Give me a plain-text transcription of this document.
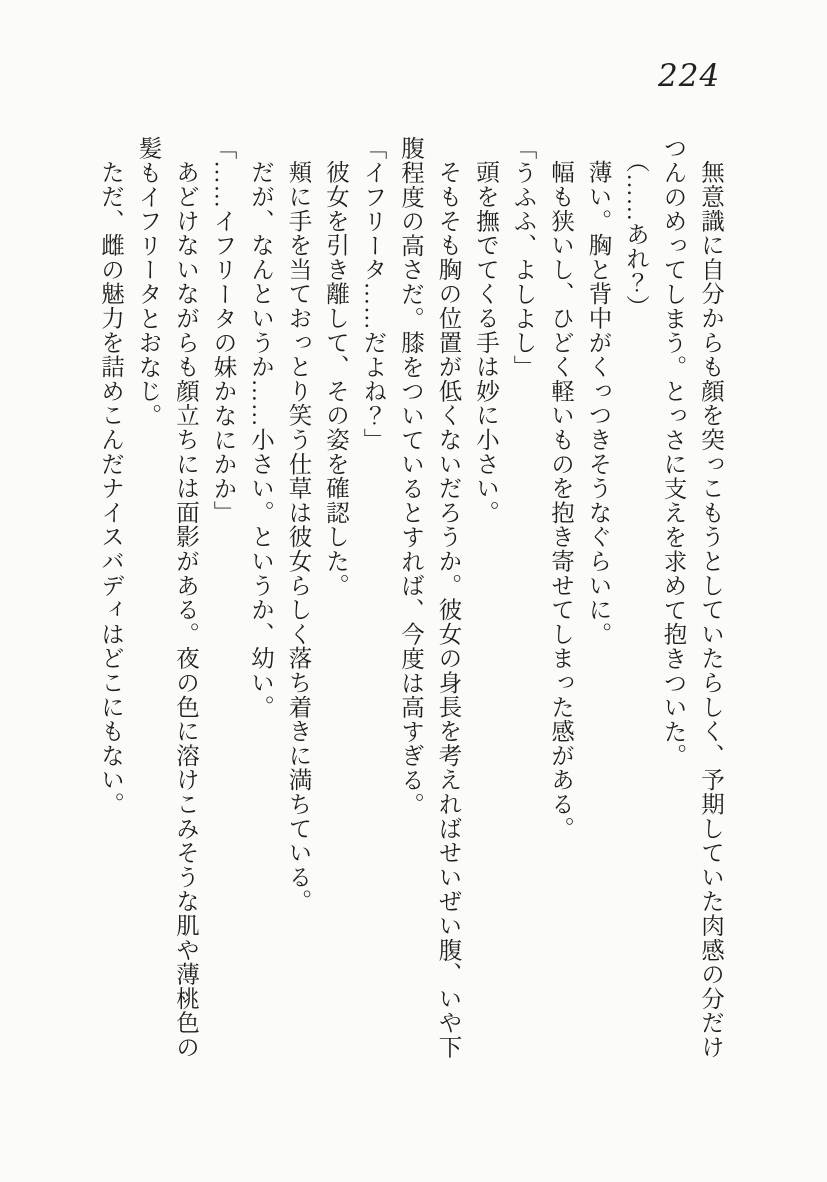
224

無意識に自分からも顔を突っこもうとしていたらしく、予期していた肉感の分だけつんのめってしまう。とっさに支えを求めて抱きついた。

（……あれ？）

薄い。胸と背中がくっつきそうなぐらいに。

幅も狭いし、ひどく軽いものを抱き寄せてしまった感がある。

「うふふ、よしよし」

頭を撫でてくる手は妙に小さい。

そもそも胸の位置が低くないだろうか。彼女の身長を考えればせいぜい腹、いや下腹程度の高さだ。膝をついているとすれば、今度は高すぎる。

「イフリータ……だよね？」

彼女を引き離して、その姿を確認した。

頬に手を当ておっとり笑う仕草は彼女らしく落ち着きに満ちている。

だが、なんというか……小さい。というか、幼い。

「……イフリータの妹かなにかか」

あどけないながらも顔立ちには面影がある。夜の色に溶けこみそうな肌や薄桃色の髪もイフリータとおなじ。

ただ、雌の魅力を詰めこんだナイスバディはどこにもない。
